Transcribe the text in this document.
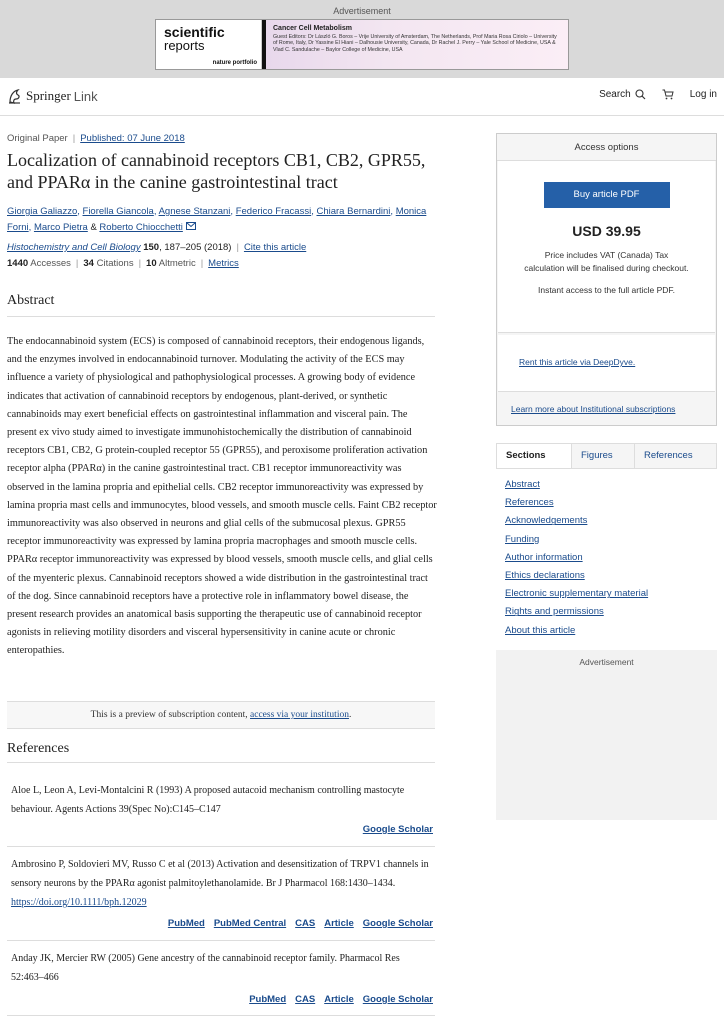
Advertisement
scientific
reports
nature portfolio
Cancer Cell Metabolism
Guest Editors: Dr László G. Boros – Vrije University of Amsterdam, The Netherlands, Prof Maria Rosa Ciriolo – University of Rome, Italy, Dr Yassine El Hiani – Dalhousie University, Canada, Dr Rachel J. Perry – Yale School of Medicine, USA & Vlad C. Sandulache – Baylor College of Medicine, USA
Springer Link	Search	Log in
Original Paper | Published: 07 June 2018
Localization of cannabinoid receptors CB1, CB2, GPR55, and PPARα in the canine gastrointestinal tract
Giorgia Galiazzo, Fiorella Giancola, Agnese Stanzani, Federico Fracassi, Chiara Bernardini, Monica Forni, Marco Pietra & Roberto Chiocchetti
Histochemistry and Cell Biology 150, 187–205 (2018) | Cite this article
1440 Accesses | 34 Citations | 10 Altmetric | Metrics
Abstract

The endocannabinoid system (ECS) is composed of cannabinoid receptors, their endogenous ligands, and the enzymes involved in endocannabinoid turnover. Modulating the activity of the ECS may influence a variety of physiological and pathophysiological processes. A growing body of evidence indicates that activation of cannabinoid receptors by endogenous, plant-derived, or synthetic cannabinoids may exert beneficial effects on gastrointestinal inflammation and visceral pain. The present ex vivo study aimed to investigate immunohistochemically the distribution of cannabinoid receptors CB1, CB2, G protein-coupled receptor 55 (GPR55), and peroxisome proliferation activation receptor alpha (PPARα) in the canine gastrointestinal tract. CB1 receptor immunoreactivity was observed in the lamina propria and epithelial cells. CB2 receptor immunoreactivity was expressed by lamina propria mast cells and immunocytes, blood vessels, and smooth muscle cells. Faint CB2 receptor immunoreactivity was also observed in neurons and glial cells of the submucosal plexus. GPR55 receptor immunoreactivity was expressed by lamina propria macrophages and smooth muscle cells. PPARα receptor immunoreactivity was expressed by blood vessels, smooth muscle cells, and glial cells of the myenteric plexus. Cannabinoid receptors showed a wide distribution in the gastrointestinal tract of the dog. Since cannabinoid receptors have a protective role in inflammatory bowel disease, the present research provides an anatomical basis supporting the therapeutic use of cannabinoid receptor agonists in relieving motility disorders and visceral hypersensitivity in canine acute or chronic enteropathies.

This is a preview of subscription content, access via your institution.
References
Aloe L, Leon A, Levi-Montalcini R (1993) A proposed autacoid mechanism controlling mastocyte behaviour. Agents Actions 39(Spec No):C145–C147
Google Scholar
Ambrosino P, Soldovieri MV, Russo C et al (2013) Activation and desensitization of TRPV1 channels in sensory neurons by the PPARα agonist palmitoylethanolamide. Br J Pharmacol 168:1430–1434. https://doi.org/10.1111/bph.12029
PubMed PubMed Central CAS Article Google Scholar
Anday JK, Mercier RW (2005) Gene ancestry of the cannabinoid receptor family. Pharmacol Res 52:463–466
PubMed CAS Article Google Scholar
Access options
Buy article PDF
USD 39.95
Price includes VAT (Canada) Tax calculation will be finalised during checkout.
Instant access to the full article PDF.
Rent this article via DeepDyve.
Learn more about Institutional subscriptions
Sections	Figures	References
Abstract
References
Acknowledgements
Funding
Author information
Ethics declarations
Electronic supplementary material
Rights and permissions
About this article
Advertisement
